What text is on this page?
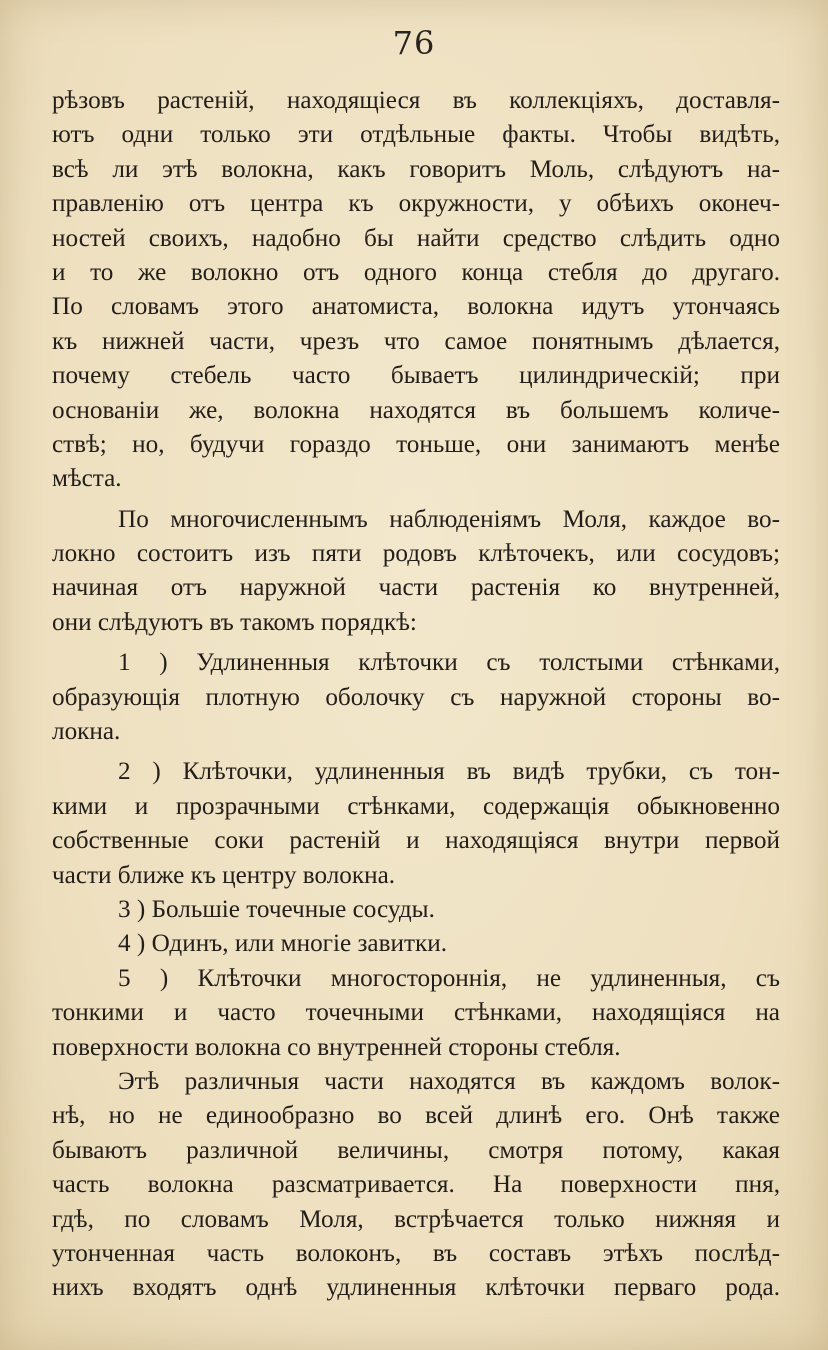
76
рѣзовъ растеній, находящіеся въ коллекціяхъ, доставля-
ютъ одни только эти отдѣльные факты. Чтобы видѣть,
всѣ ли этѣ волокна, какъ говоритъ Моль, слѣдуютъ на-
правленію отъ центра къ окружности, у обѣихъ оконеч-
ностей своихъ, надобно бы найти средство слѣдить одно
и то же волокно отъ одного конца стебля до другаго.
По словамъ этого анатомиста, волокна идутъ утончаясь
къ нижней части, чрезъ что самое понятнымъ дѣлается,
почему стебель часто бываетъ цилиндрическій; при
основаніи же, волокна находятся въ большемъ количе-
ствѣ; но, будучи гораздо тоньше, они занимаютъ менѣе
мѣста.
По многочисленнымъ наблюденіямъ Моля, каждое во-
локно состоитъ изъ пяти родовъ клѣточекъ, или сосудовъ;
начиная отъ наружной части растенія ко внутренней,
они слѣдуютъ въ такомъ порядкѣ:
1 ) Удлиненныя клѣточки съ толстыми стѣнками,
образующія плотную оболочку съ наружной стороны во-
локна.
2 ) Клѣточки, удлиненныя въ видѣ трубки, съ тон-
кими и прозрачными стѣнками, содержащія обыкновенно
собственные соки растеній и находящіяся внутри первой
части ближе къ центру волокна.
3 ) Большіе точечные сосуды.
4 ) Одинъ, или многіе завитки.
5 ) Клѣточки многостороннія, не удлиненныя, съ
тонкими и часто точечными стѣнками, находящіяся на
поверхности волокна со внутренней стороны стебля.
Этѣ различныя части находятся въ каждомъ волок-
нѣ, но не единообразно во всей длинѣ его. Онѣ также
бываютъ различной величины, смотря потому, какая
часть волокна разсматривается. На поверхности пня,
гдѣ, по словамъ Моля, встрѣчается только нижняя и
утонченная часть волоконъ, въ составъ этѣхъ послѣд-
нихъ входятъ однѣ удлиненныя клѣточки перваго рода.
